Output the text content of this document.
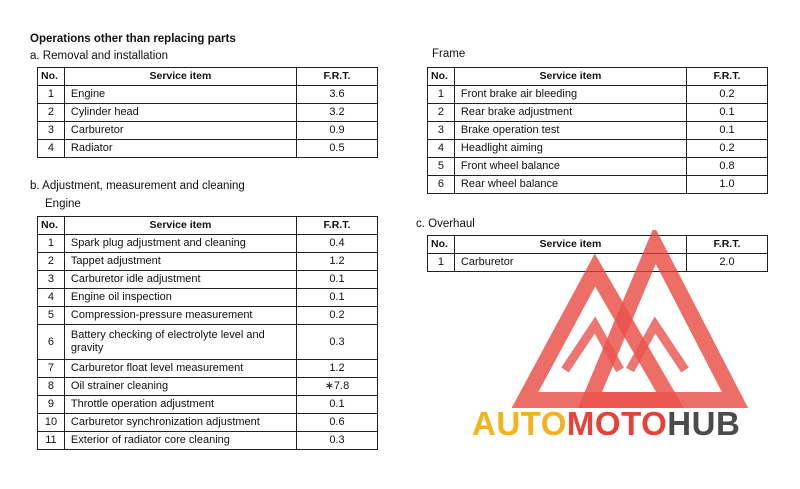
Operations other than replacing parts
a. Removal and installation
No.	Service item	F.R.T.
1	Engine	3.6
2	Cylinder head	3.2
3	Carburetor	0.9
4	Radiator	0.5
b. Adjustment, measurement and cleaning
Engine
No.	Service item	F.R.T.
1	Spark plug adjustment and cleaning	0.4
2	Tappet adjustment	1.2
3	Carburetor idle adjustment	0.1
4	Engine oil inspection	0.1
5	Compression-pressure measurement	0.2
6	Battery checking of electrolyte level and gravity	0.3
7	Carburetor float level measurement	1.2
8	Oil strainer cleaning	∗7.8
9	Throttle operation adjustment	0.1
10	Carburetor synchronization adjustment	0.6
11	Exterior of radiator core cleaning	0.3
Frame
No.	Service item	F.R.T.
1	Front brake air bleeding	0.2
2	Rear brake adjustment	0.1
3	Brake operation test	0.1
4	Headlight aiming	0.2
5	Front wheel balance	0.8
6	Rear wheel balance	1.0
c. Overhaul
No.	Service item	F.R.T.
1	Carburetor	2.0
AUTOMOTOHUB
